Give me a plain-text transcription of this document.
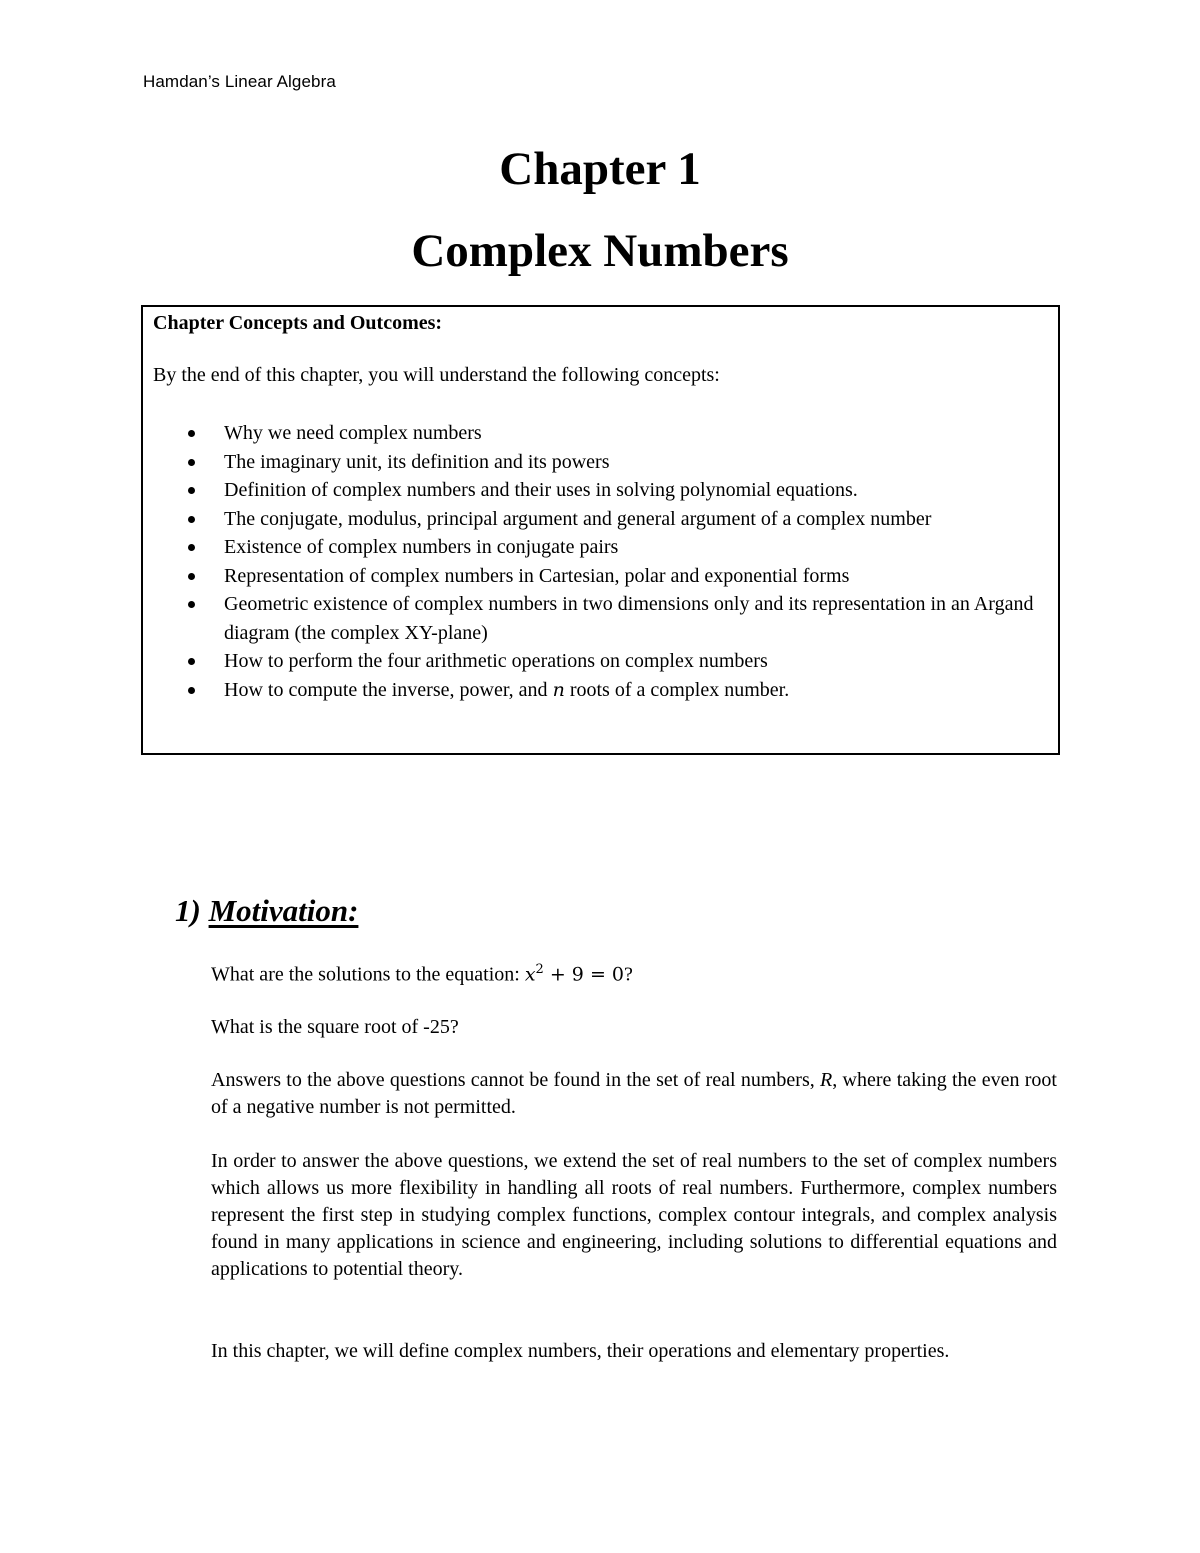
Hamdan’s Linear Algebra
Chapter 1
Complex Numbers
Chapter Concepts and Outcomes:
By the end of this chapter, you will understand the following concepts:
Why we need complex numbers
The imaginary unit, its definition and its powers
Definition of complex numbers and their uses in solving polynomial equations.
The conjugate, modulus, principal argument and general argument of a complex number
Existence of complex numbers in conjugate pairs
Representation of complex numbers in Cartesian, polar and exponential forms
Geometric existence of complex numbers in two dimensions only and its representation in an Argand diagram (the complex XY-plane)
How to perform the four arithmetic operations on complex numbers
How to compute the inverse, power, and n roots of a complex number.
1) Motivation:

What are the solutions to the equation: $x^2 + 9 = 0$?

What is the square root of -25?

Answers to the above questions cannot be found in the set of real numbers, R, where taking the even root of a negative number is not permitted.

In order to answer the above questions, we extend the set of real numbers to the set of complex numbers which allows us more flexibility in handling all roots of real numbers. Furthermore, complex numbers represent the first step in studying complex functions, complex contour integrals, and complex analysis found in many applications in science and engineering, including solutions to differential equations and applications to potential theory.

In this chapter, we will define complex numbers, their operations and elementary properties.
